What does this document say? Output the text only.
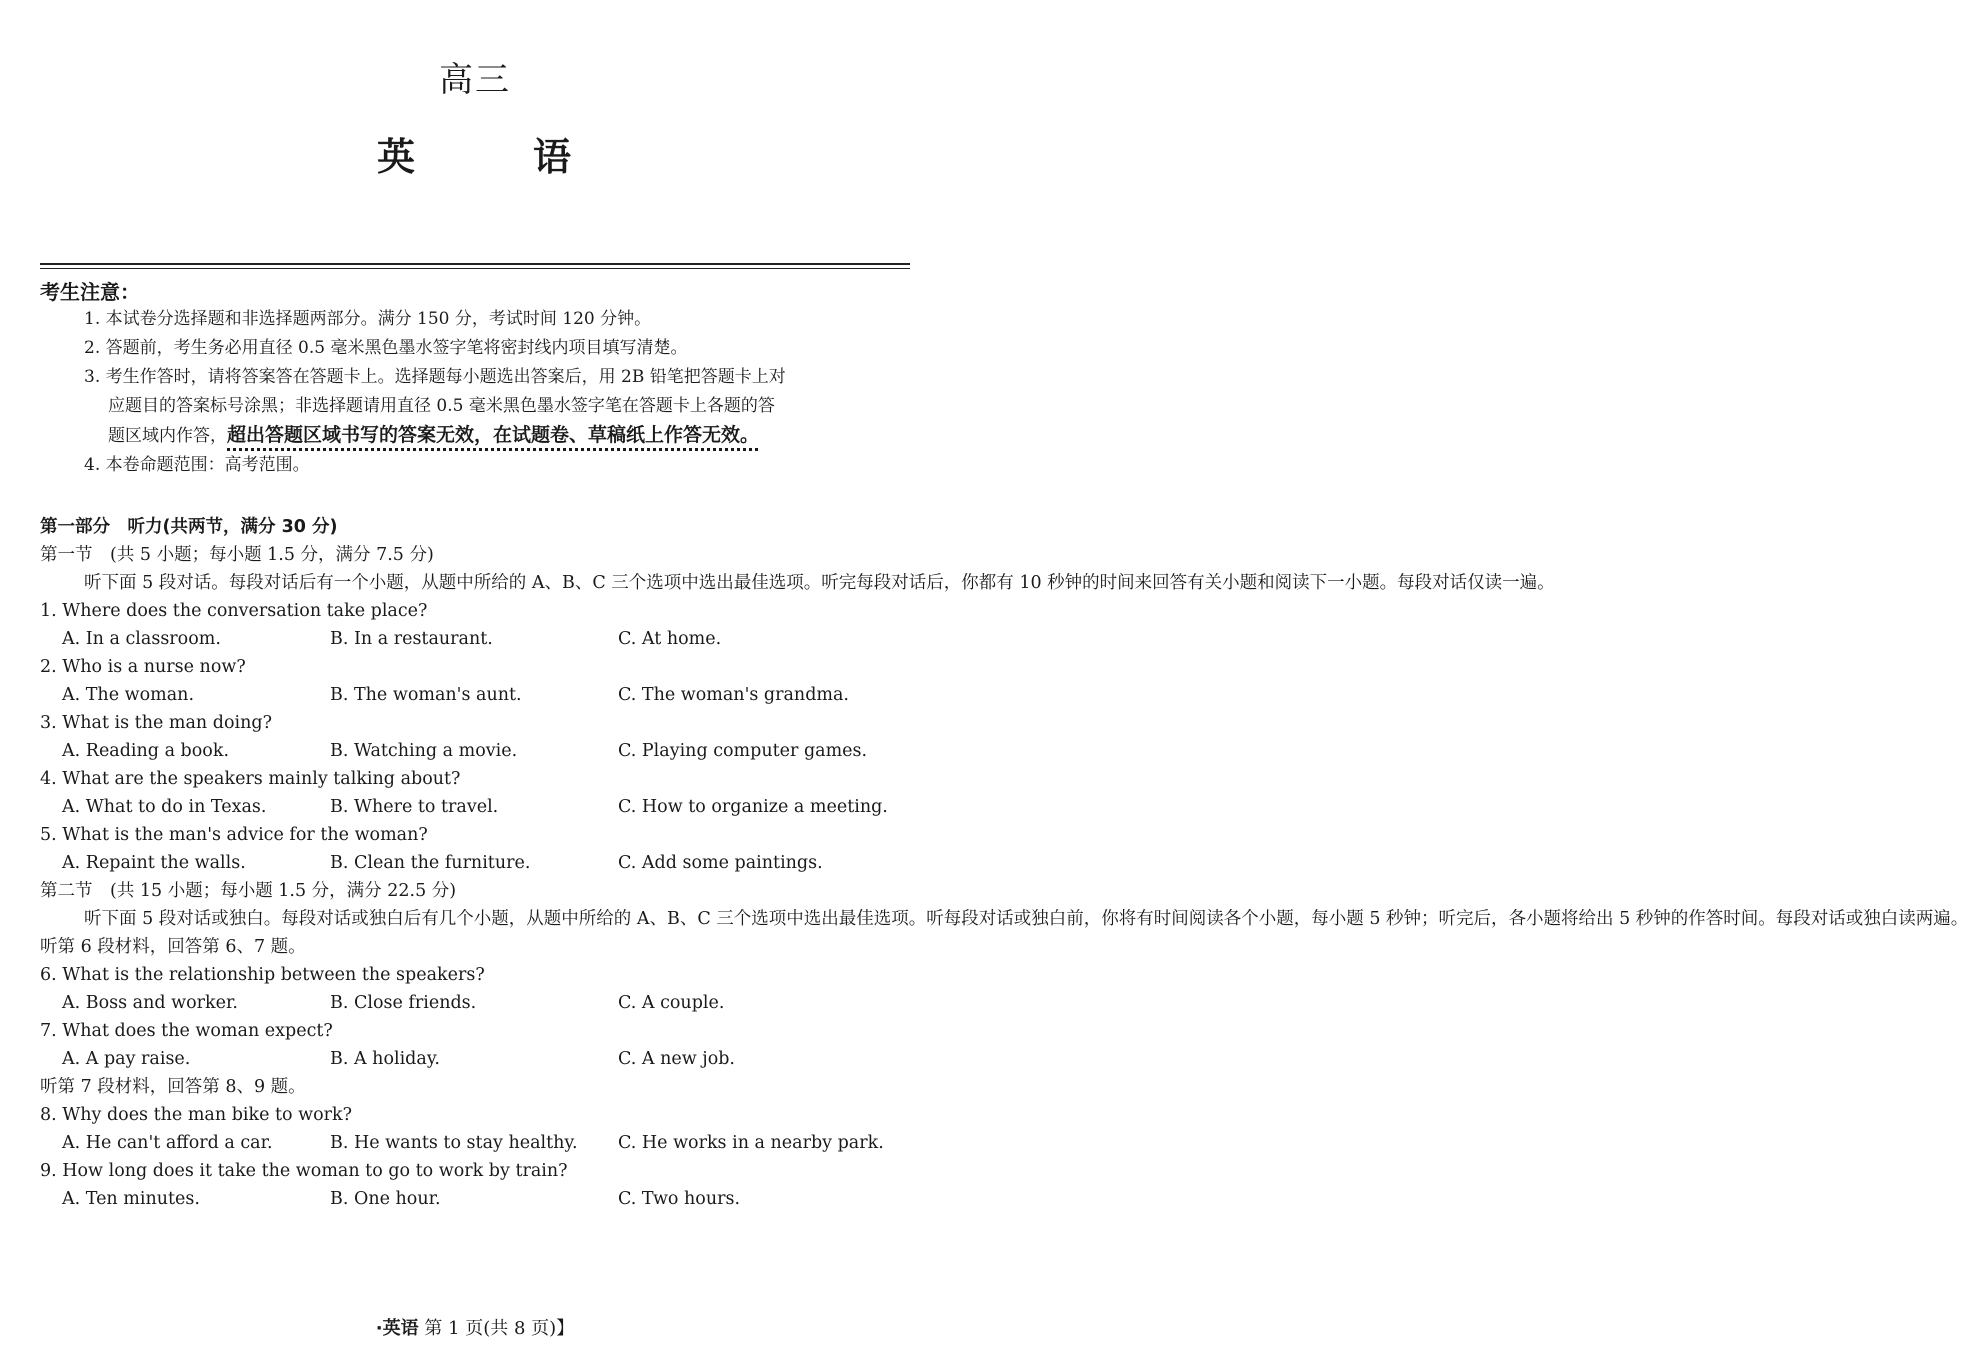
高三
英	语
考生注意：
1. 本试卷分选择题和非选择题两部分。满分 150 分，考试时间 120 分钟。
2. 答题前，考生务必用直径 0.5 毫米黑色墨水签字笔将密封线内项目填写清楚。
3. 考生作答时，请将答案答在答题卡上。选择题每小题选出答案后，用 2B 铅笔把答题卡上对
应题目的答案标号涂黑；非选择题请用直径 0.5 毫米黑色墨水签字笔在答题卡上各题的答
题区域内作答，超出答题区域书写的答案无效，在试题卷、草稿纸上作答无效。
4. 本卷命题范围：高考范围。
第一部分　听力(共两节，满分 30 分)
第一节　(共 5 小题；每小题 1.5 分，满分 7.5 分)
听下面 5 段对话。每段对话后有一个小题，从题中所给的 A、B、C 三个选项中选出最佳选项。听完每段对话后，你都有 10 秒钟的时间来回答有关小题和阅读下一小题。每段对话仅读一遍。
1. Where does the conversation take place?
A. In a classroom.	B. In a restaurant.	C. At home.
2. Who is a nurse now?
A. The woman.	B. The woman's aunt.	C. The woman's grandma.
3. What is the man doing?
A. Reading a book.	B. Watching a movie.	C. Playing computer games.
4. What are the speakers mainly talking about?
A. What to do in Texas.	B. Where to travel.	C. How to organize a meeting.
5. What is the man's advice for the woman?
A. Repaint the walls.	B. Clean the furniture.	C. Add some paintings.
第二节　(共 15 小题；每小题 1.5 分，满分 22.5 分)
听下面 5 段对话或独白。每段对话或独白后有几个小题，从题中所给的 A、B、C 三个选项中选出最佳选项。听每段对话或独白前，你将有时间阅读各个小题，每小题 5 秒钟；听完后，各小题将给出 5 秒钟的作答时间。每段对话或独白读两遍。
听第 6 段材料，回答第 6、7 题。
6. What is the relationship between the speakers?
A. Boss and worker.	B. Close friends.	C. A couple.
7. What does the woman expect?
A. A pay raise.	B. A holiday.	C. A new job.
听第 7 段材料，回答第 8、9 题。
8. Why does the man bike to work?
A. He can't afford a car.	B. He wants to stay healthy. C. He works in a nearby park.
9. How long does it take the woman to go to work by train?
A. Ten minutes.	B. One hour.	C. Two hours.
·英语 第 1 页(共 8 页)】
